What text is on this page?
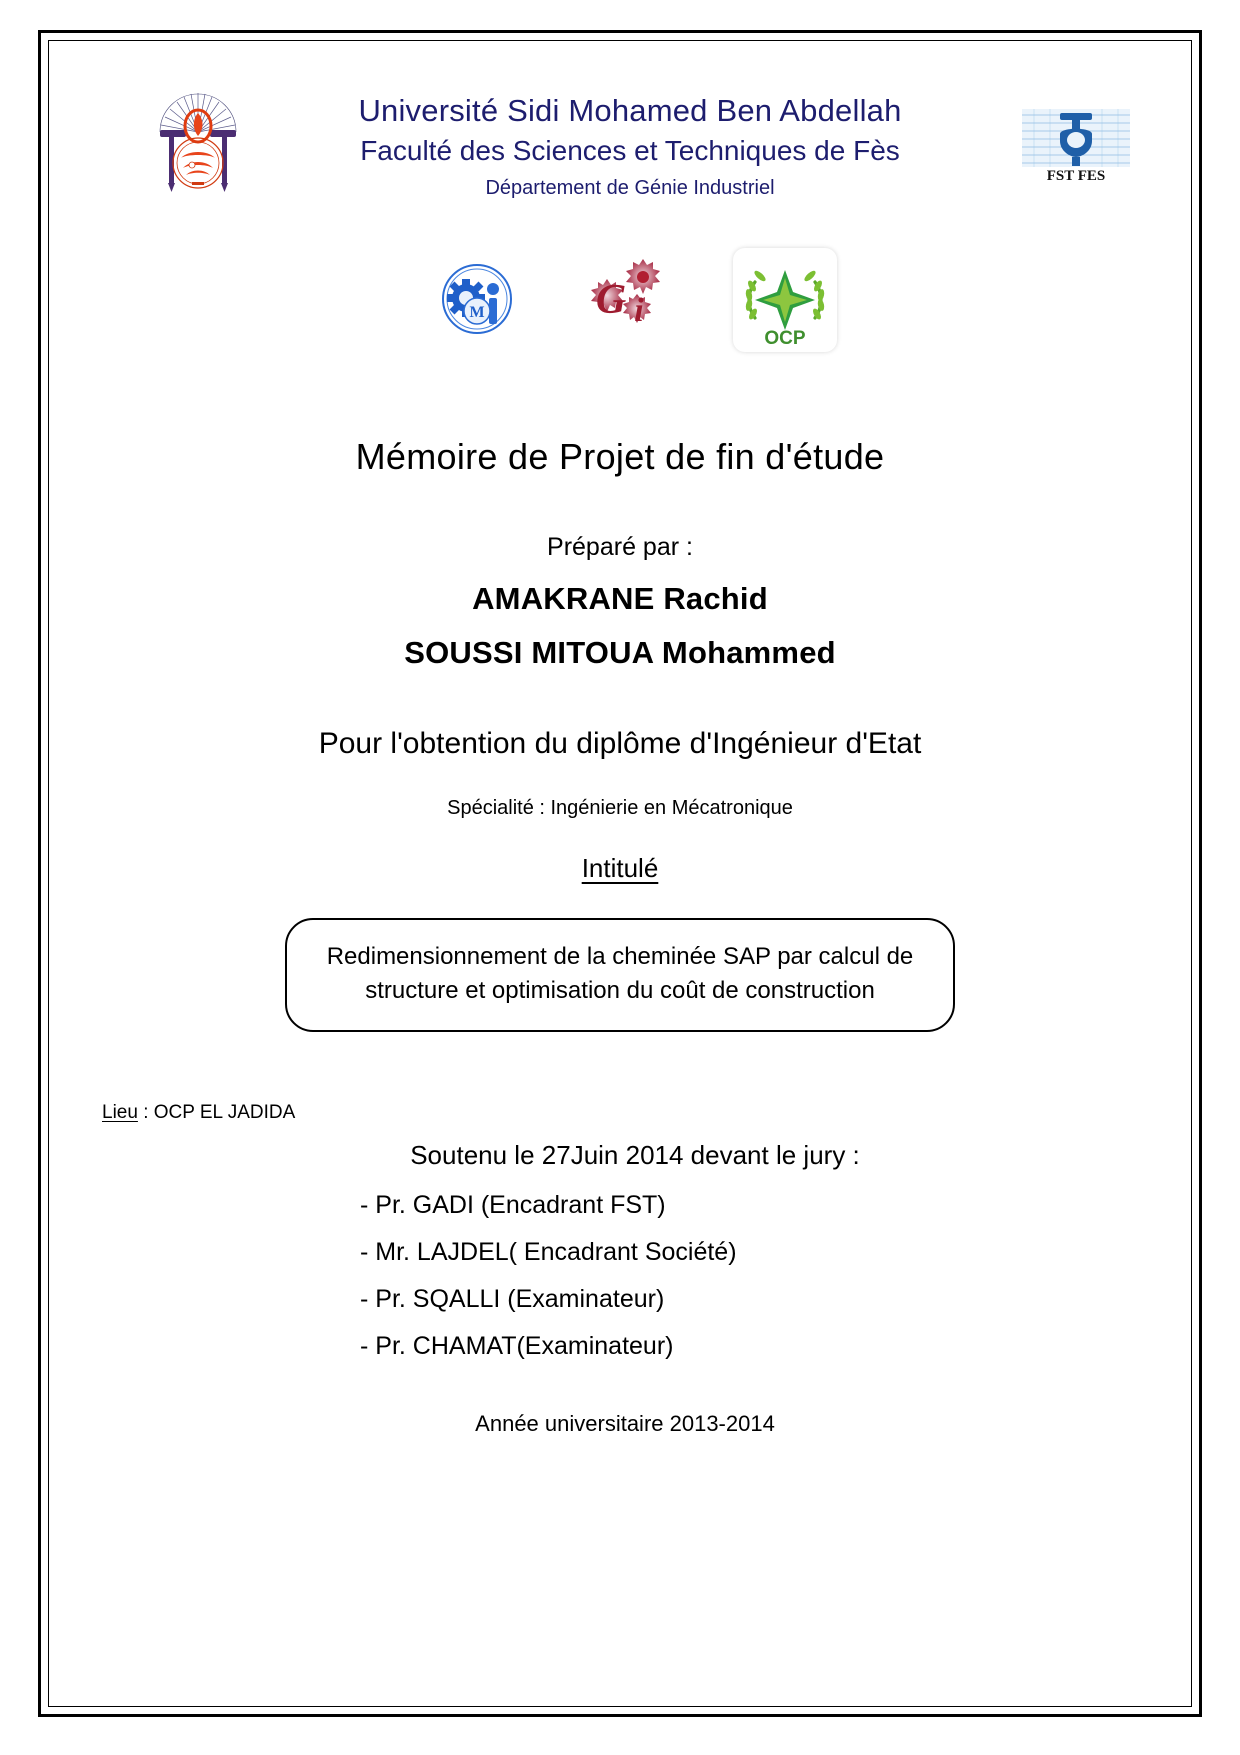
Université Sidi Mohamed Ben Abdellah
Faculté des Sciences et Techniques de Fès
Département de Génie Industriel
FST FES
M	G i
OCP
Mémoire de Projet de fin d'étude
Préparé par :
AMAKRANE Rachid
SOUSSI MITOUA Mohammed
Pour l'obtention du diplôme d'Ingénieur d'Etat
Spécialité : Ingénierie en Mécatronique
Intitulé
Redimensionnement de la cheminée SAP par calcul de structure et optimisation du coût de construction
Lieu : OCP EL JADIDA
Soutenu le 27Juin 2014 devant le jury :
- Pr. GADI (Encadrant FST)
- Mr. LAJDEL( Encadrant Société)
- Pr. SQALLI (Examinateur)
- Pr. CHAMAT(Examinateur)
Année universitaire 2013-2014
